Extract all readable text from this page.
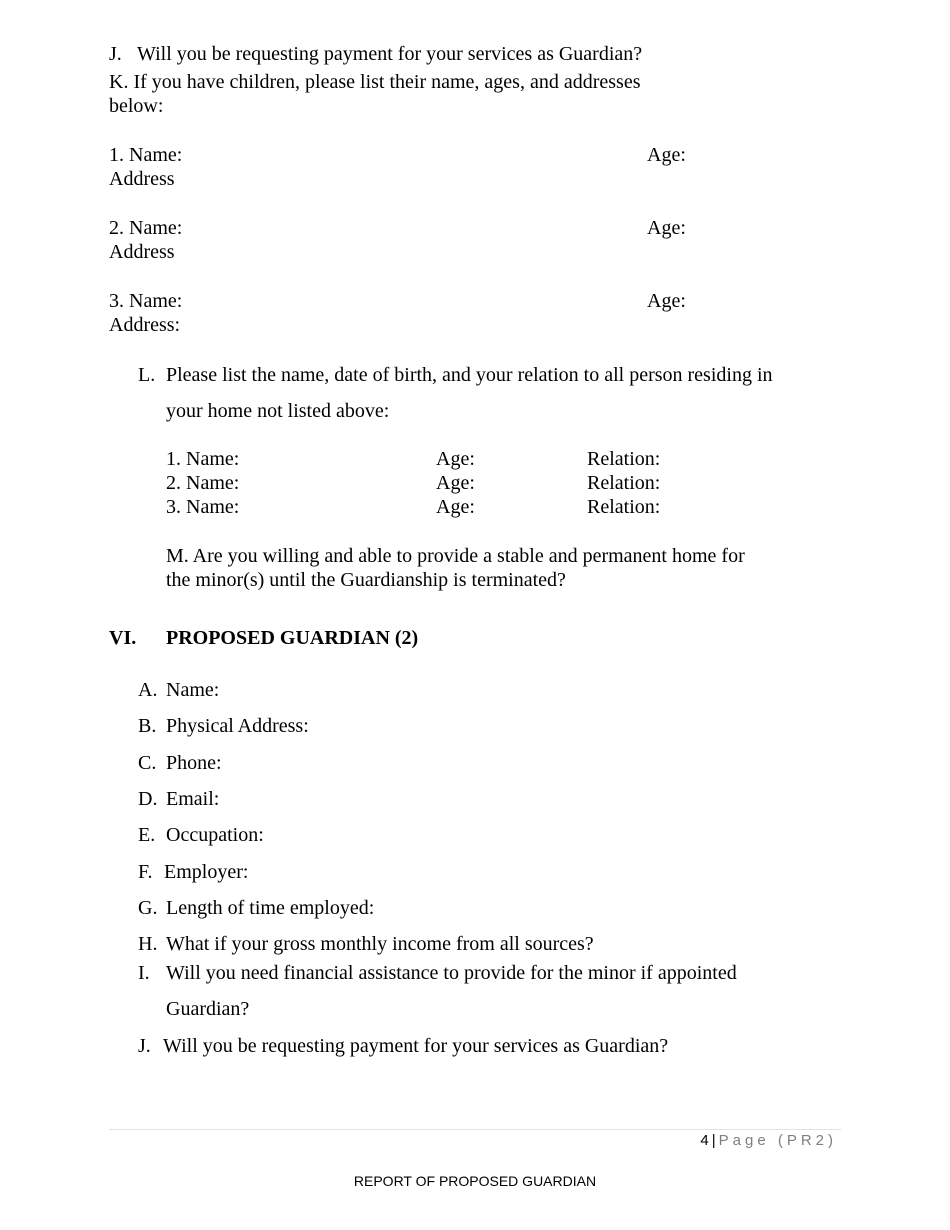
J. Will you be requesting payment for your services as Guardian?
K. If you have children, please list their name, ages, and addresses
below:
1. Name:	Age:
Address
2. Name:	Age:
Address
3. Name:	Age:
Address:
L. Please list the name, date of birth, and your relation to all person residing in
your home not listed above:
1. Name:	Age:	Relation:
2. Name:	Age:	Relation:
3. Name:	Age:	Relation:
M. Are you willing and able to provide a stable and permanent home for
the minor(s) until the Guardianship is terminated?
VI. PROPOSED GUARDIAN (2)
A. Name:
B. Physical Address:
C. Phone:
D. Email:
E. Occupation:
F. Employer:
G. Length of time employed:
H. What if your gross monthly income from all sources?
I. Will you need financial assistance to provide for the minor if appointed
Guardian?
J. Will you be requesting payment for your services as Guardian?
4 | Page (PR2)
REPORT OF PROPOSED GUARDIAN
